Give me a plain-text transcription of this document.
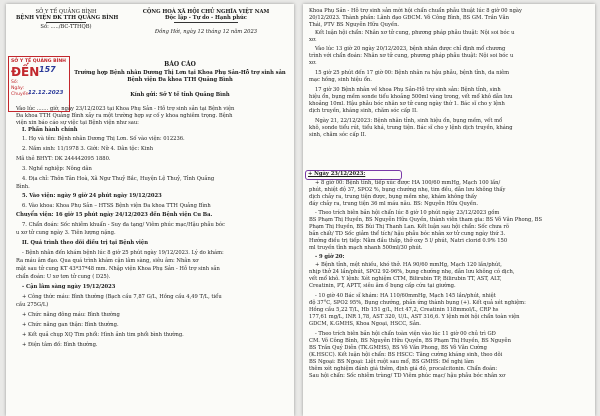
SỞ Y TẾ QUẢNG BÌNH
BỆNH VIỆN ĐK TTH QUẢNG BÌNH
Số: ...../BC-TTHQB)
CỘNG HOÀ XÃ HỘI CHỦ NGHĨA VIỆT NAM
Độc lập - Tự do - Hạnh phúc
Đồng Hới, ngày 12 tháng 12 năm 2023
SỞ Y TẾ QUẢNG BÌNH
ĐẾN
Số:
Ngày:
Chuyển:
157
12.12.2023
BÁO CÁO
Trường hợp Bệnh nhân Dương Thị Lơn tại Khoa Phụ Sản-Hỗ trợ sinh sản
Bệnh viện Đa khoa TTH Quảng Bình
Kính gửi: Sở Y tế tỉnh Quảng Bình
Vào lúc ....... giờ, ngày 23/12/2023 tại Khoa Phụ Sản - Hỗ trợ sinh sản tại Bệnh viện
Đa khoa TTH Quảng Bình xảy ra một trường hợp sự cố y khoa nghiêm trọng. Bệnh
viện xin báo cáo sự việc tại Bệnh viện như sau:
I. Phần hành chính
1. Họ và tên: Bệnh nhân Dương Thị Lơn. Số vào viện: 012236.
2. Năm sinh: 11/1978 3. Giới: Nữ 4. Dân tộc: Kinh
Mã thẻ BHYT: DK 244442095 1880.
3. Nghề nghiệp: Nông dân
4. Địa chỉ: Thôn Tân Hoà, Xã Ngư Thuỷ Bắc, Huyện Lệ Thuỷ, Tỉnh Quảng
Bình.
5. Vào viện: ngày 9 giờ 24 phút ngày 19/12/2023
6. Vào khoa: Khoa Phụ Sản – HTSS Bệnh viện Đa khoa TTH Quảng Bình
Chuyển viện: 16 giờ 15 phút ngày 24/12/2023 đến Bệnh viện Cu Ba.
7. Chẩn đoán: Sốc nhiễm khuẩn - Suy đa tạng/ Viêm phúc mạc/Hậu phẫu bóc
u xơ tử cung ngày 3. Tiên lượng nặng.
II. Quá trình theo dõi điều trị tại Bệnh viện
- Bệnh nhân đến khám bệnh lúc 8 giờ 25 phút ngày 19/12/2023. Lý do khám:
Ra máu âm đạo. Qua quá trình khám cận lâm sàng, siêu âm: Nhân xơ
mặt sau tử cung KT 43*37*48 mm. Nhập viện Khoa Phụ Sản - Hỗ trợ sinh sản
chẩn đoán: U xơ tơn tử cung ( D25).
- Cận lâm sàng ngày 19/12/2023
+ Công thức máu: Bình thường (Bạch cầu 7,87 G/L, Hồng cầu 4,49 T/L, tiểu
cầu 275G/L)
+ Chức năng đông máu: Bình thường
+ Chức năng gan thận: Bình thường.
+ Kết quả chụp XQ Tim phổi: Hình ảnh tim phổi bình thường.
+ Điện tâm đồ: Bình thường.
Khoa Phụ Sản - Hỗ trợ sinh sản mời hội chẩn chuẩn phẫu thuật lúc 8 giờ 00 ngày
20/12/2023. Thành phần: Lãnh đạo GĐCM. Võ Công Bình, BS GM. Trần Văn
Thái, PTV BS Nguyễn Hữu Quyền.
Kết luận hội chẩn: Nhân xơ tử cung, phương pháp phẫu thuật: Nội soi bóc u
xơ.
Vào lúc 13 giờ 20 ngày 20/12/2023, bệnh nhân được chỉ định mổ chương
trình với chẩn đoán: Nhân xơ tử cung, phương pháp phẫu thuật: Nội soi bóc u
xơ.
15 giờ 25 phút đến 17 giờ 00: Bệnh nhân ra hậu phẫu, bệnh tỉnh, da niêm
mạc hồng, sinh hiệu ổn.
17 giờ 30 Bệnh nhân về khoa Phụ Sản-Hỗ trợ sinh sản: Bệnh tỉnh, sinh
hiệu ổn, bụng mềm sonde tiểu khoảng 500ml vàng trong, vết mổ khô dẫn lưu
khoảng 10ml. Hậu phẫu bóc nhân xơ tử cung ngày thứ 1. Bác sĩ cho y lệnh
dịch truyền, kháng sinh, chăm sóc cấp II.
Ngày 21, 22/12/2023: Bệnh nhân tỉnh, sinh hiệu ổn, bụng mềm, vết mổ
khô, sonde tiểu rút, tiểu khá, trung tiện. Bác sĩ cho y lệnh dịch truyền, kháng
sinh, chăm sóc cấp II.
+ Ngày 23/12/2023:
+ 8 giờ 00: Bệnh tỉnh, tiếp xúc được HA 100/60 mmHg, Mạch 100 lần/
phút, nhiệt độ 37, SPO2 %, bụng chướng nhẹ, tim đều, dẫn lưu không thấy
dịch chảy ra, trung tiện được, bụng mềm nhẹ, khám không thấy
đáy chảy ra, trung tiện 36 ml máu nâu. BS: Nguyễn Hữu Quyền.
- Theo trích biên bản hội chẩn lúc 8 giờ 10 phút ngày 23/12/2023 gồm
BS Phạm Thị Huyền, BS Nguyễn Hữu Quyền, thành viên tham gia: BS Võ Văn Phong, BS
Phạm Thị Huyền, BS Bùi Thị Thanh Lan. Kết luận sau hội chẩn: Sốc chưa rõ
bản chất/ TD Sốc giảm thể tích/ hậu phẫu bóc nhân xơ tử cung ngày thứ 3.
Hướng điều trị tiếp: Nằm đầu thấp, thở oxy 5 l/ phút, Natri clorid 0.9% 150
ml truyền tĩnh mạch nhanh 500ml/30 phút.
- 9 giờ 20:
+ Bệnh tỉnh, mệt nhiều, khó thở. HA 90/60 mmHg, Mạch 120 lần/phút,
nhịp thở 24 lần/phút, SPO2 92-96%, bụng chướng nhẹ, dẫn lưu không có dịch,
vết mổ khô. Y lệnh: Xét nghiệm CTM, Bilirubin TP, Bilirubin TT, AST, ALT,
Creatinin, PT, APTT, siêu âm ổ bụng cấp cứu tại giường.
- 10 giờ 40 Bác sĩ khám: HA 110/60mmHg, Mạch 145 lần/phút, nhiệt
độ 37°C, SPO2 95%, Bụng chướng, phản ứng thành bụng (+). Kết quả xét nghiệm:
Hồng cầu 5,22 T/L, Hb 151 g/L, Hct 47,2, Creatinin 118mmol/L, CRP hs
177,61 mg/L, INR 1,78, AST 320, U/L, AST 316,6. Y lệnh mời hội chẩn toàn viện
GDCM, K.GMHS, Khoa Ngoại, HSCC, Sản.
- Theo trích biên bản hội chẩn toàn viện vào lúc 11 giờ 00 chủ trì GĐ
CM. Võ Công Bình, BS Nguyễn Hữu Quyền, BS Phạm Thị Huyền, BS Nguyễn
BS Trần Quý Diễn (TK.GMHS), BS Võ Văn Phong, BS Võ Văn Cường
(K.HSCC). Kết luận hội chẩn: BS HSCC: Tăng cường kháng sinh, theo dõi
BS Ngoại: BS Ngoại: Liệt ruột sau mổ, BS GMHS: Đề nghị làm
thêm xét nghiệm đánh giá thêm, định giá đó, procalcitonin. Chẩn đoán:
Sau hội chẩn: Sốc nhiễm trùng/ TD Viêm phúc mạc/ hậu phẫu bóc nhân xơ
